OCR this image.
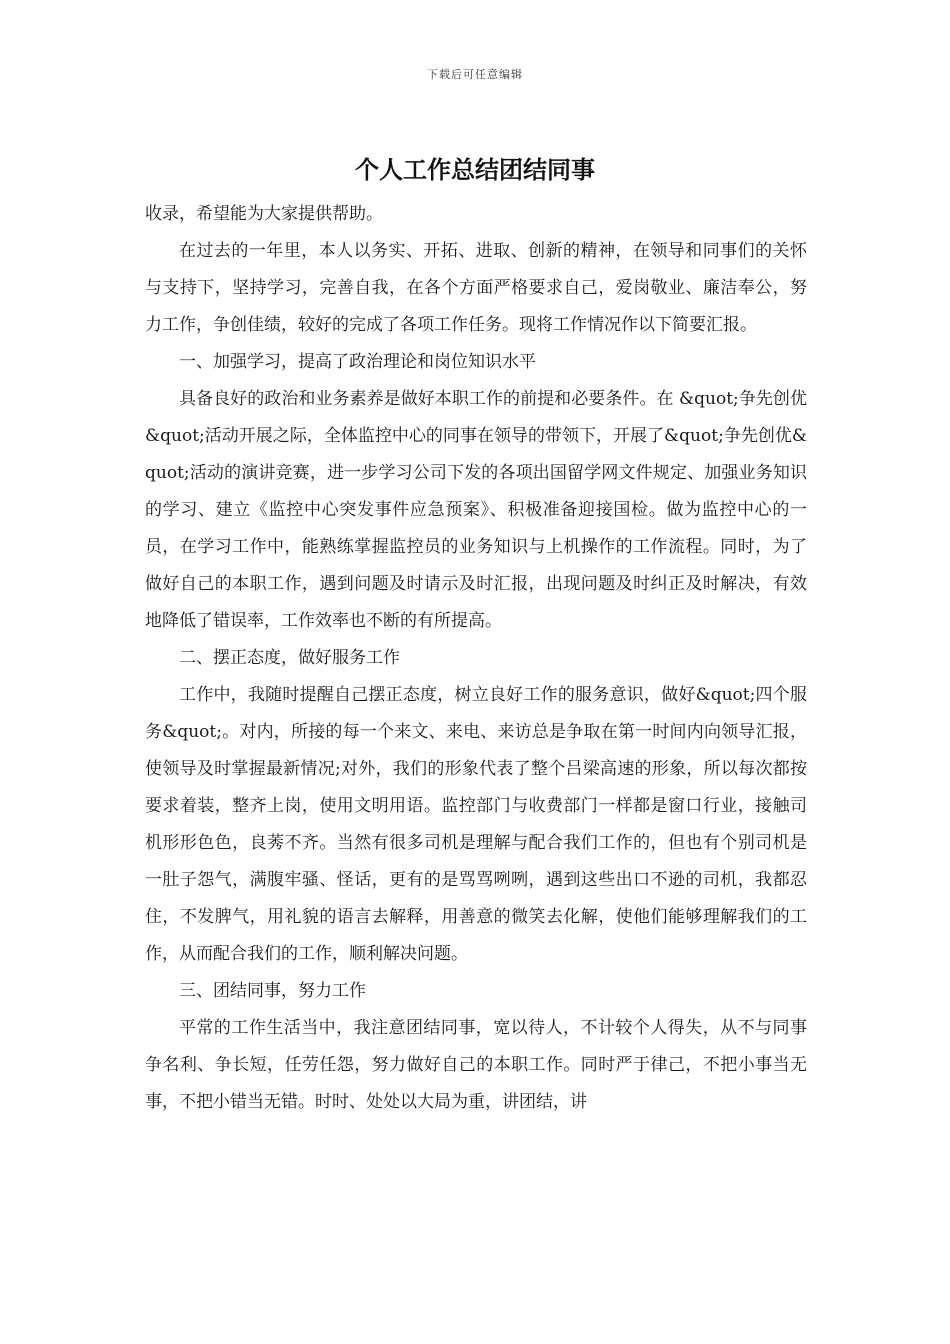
下载后可任意编辑
个人工作总结团结同事

收录，希望能为大家提供帮助。

在过去的一年里，本人以务实、开拓、进取、创新的精神，在领导和同事们的关怀与支持下，坚持学习，完善自我，在各个方面严格要求自己，爱岗敬业、廉洁奉公，努力工作，争创佳绩，较好的完成了各项工作任务。现将工作情况作以下简要汇报。

一、加强学习，提高了政治理论和岗位知识水平

具备良好的政治和业务素养是做好本职工作的前提和必要条件。在 &quot;争先创优&quot;活动开展之际，全体监控中心的同事在领导的带领下，开展了&quot;争先创优&quot;活动的演讲竞赛，进一步学习公司下发的各项出国留学网文件规定、加强业务知识的学习、建立《监控中心突发事件应急预案》、积极准备迎接国检。做为监控中心的一员，在学习工作中，能熟练掌握监控员的业务知识与上机操作的工作流程。同时，为了做好自己的本职工作，遇到问题及时请示及时汇报，出现问题及时纠正及时解决，有效地降低了错误率，工作效率也不断的有所提高。

二、摆正态度，做好服务工作

工作中，我随时提醒自己摆正态度，树立良好工作的服务意识，做好&quot;四个服务&quot;。对内，所接的每一个来文、来电、来访总是争取在第一时间内向领导汇报，使领导及时掌握最新情况;对外，我们的形象代表了整个吕梁高速的形象，所以每次都按要求着装，整齐上岗，使用文明用语。监控部门与收费部门一样都是窗口行业，接触司机形形色色，良莠不齐。当然有很多司机是理解与配合我们工作的，但也有个别司机是一肚子怨气，满腹牢骚、怪话，更有的是骂骂咧咧，遇到这些出口不逊的司机，我都忍住，不发脾气，用礼貌的语言去解释，用善意的微笑去化解，使他们能够理解我们的工作，从而配合我们的工作，顺利解决问题。

三、团结同事，努力工作

平常的工作生活当中，我注意团结同事，宽以待人，不计较个人得失，从不与同事争名利、争长短，任劳任怨，努力做好自己的本职工作。同时严于律己，不把小事当无事，不把小错当无错。时时、处处以大局为重，讲团结，讲
